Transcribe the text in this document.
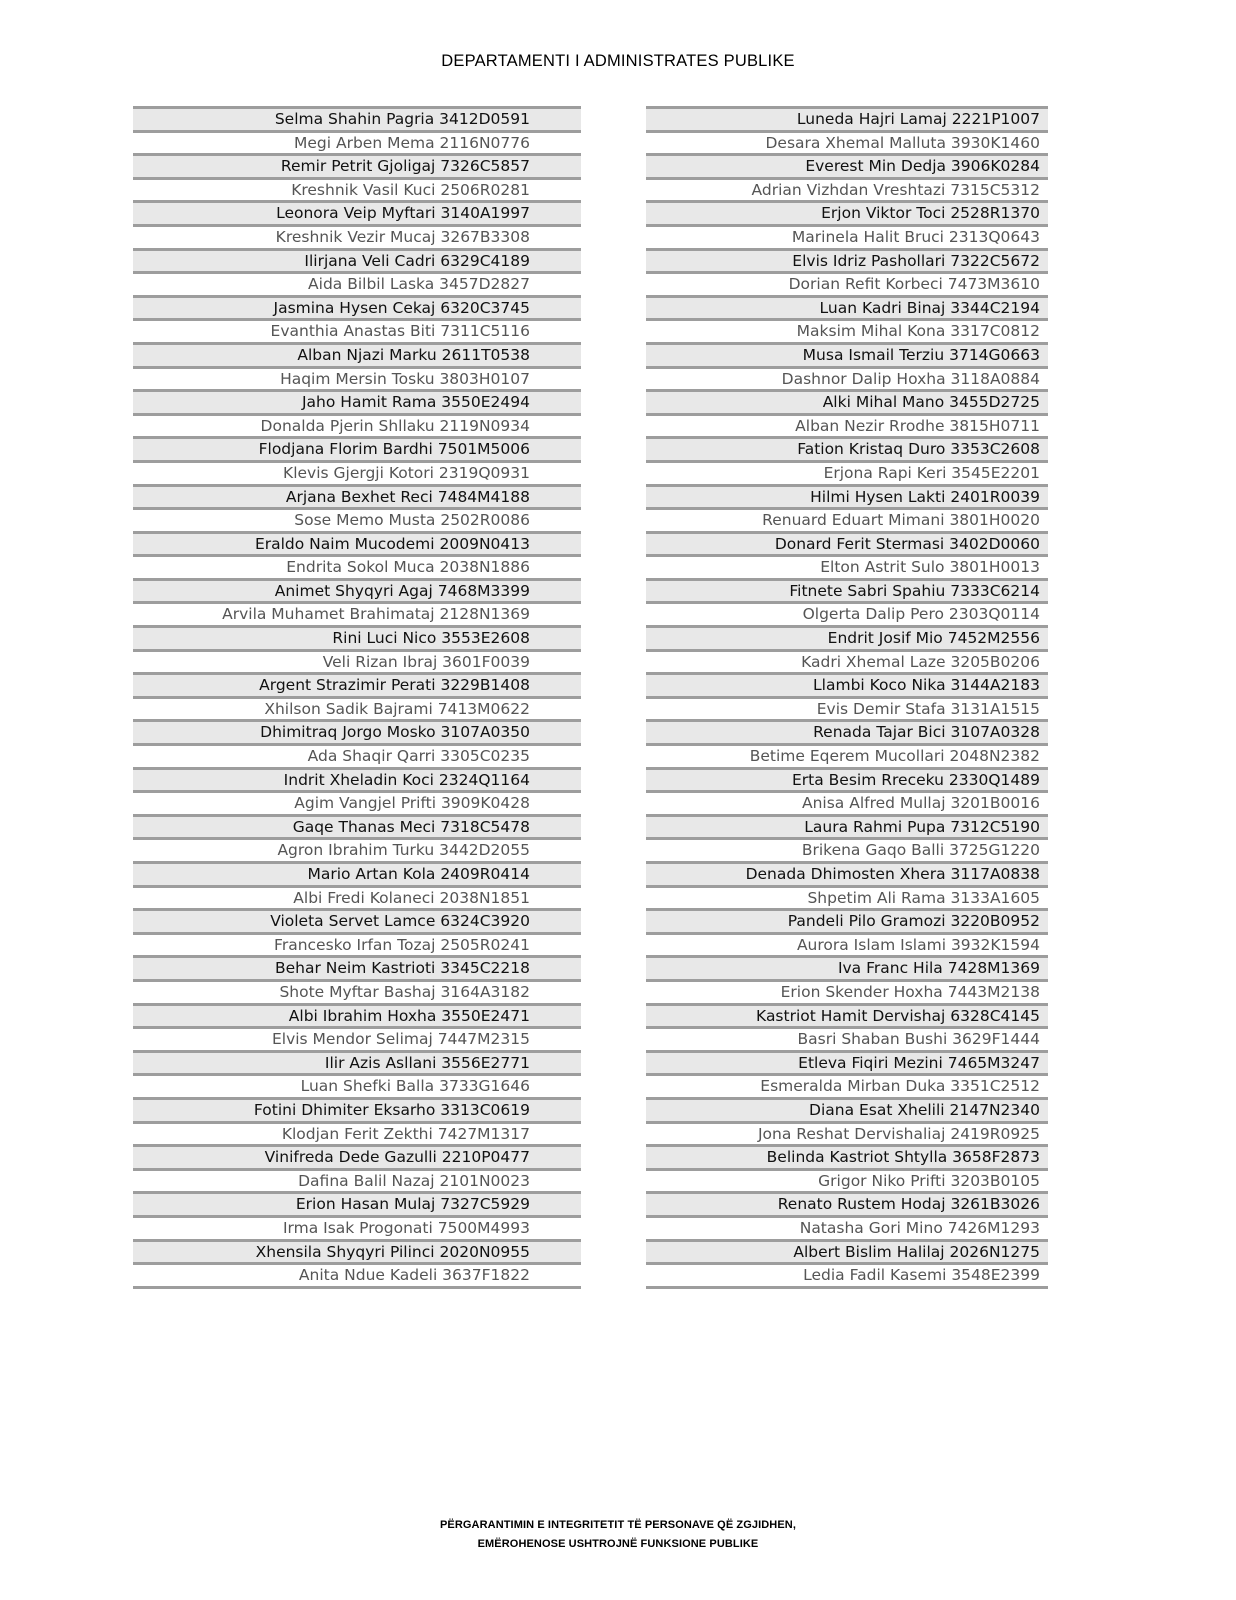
DEPARTAMENTI I ADMINISTRATES PUBLIKE
Selma Shahin Pagria 3412D0591
Megi Arben Mema 2116N0776
Remir Petrit Gjoligaj 7326C5857
Kreshnik Vasil Kuci 2506R0281
Leonora Veip Myftari 3140A1997
Kreshnik Vezir Mucaj 3267B3308
Ilirjana Veli Cadri 6329C4189
Aida Bilbil Laska 3457D2827
Jasmina Hysen Cekaj 6320C3745
Evanthia Anastas Biti 7311C5116
Alban Njazi Marku 2611T0538
Haqim Mersin Tosku 3803H0107
Jaho Hamit Rama 3550E2494
Donalda Pjerin Shllaku 2119N0934
Flodjana Florim Bardhi 7501M5006
Klevis Gjergji Kotori 2319Q0931
Arjana Bexhet Reci 7484M4188
Sose Memo Musta 2502R0086
Eraldo Naim Mucodemi 2009N0413
Endrita Sokol Muca 2038N1886
Animet Shyqyri Agaj 7468M3399
Arvila Muhamet Brahimataj 2128N1369
Rini Luci Nico 3553E2608
Veli Rizan Ibraj 3601F0039
Argent Strazimir Perati 3229B1408
Xhilson Sadik Bajrami 7413M0622
Dhimitraq Jorgo Mosko 3107A0350
Ada Shaqir Qarri 3305C0235
Indrit Xheladin Koci 2324Q1164
Agim Vangjel Prifti 3909K0428
Gaqe Thanas Meci 7318C5478
Agron Ibrahim Turku 3442D2055
Mario Artan Kola 2409R0414
Albi Fredi Kolaneci 2038N1851
Violeta Servet Lamce 6324C3920
Francesko Irfan Tozaj 2505R0241
Behar Neim Kastrioti 3345C2218
Shote Myftar Bashaj 3164A3182
Albi Ibrahim Hoxha 3550E2471
Elvis Mendor Selimaj 7447M2315
Ilir Azis Asllani 3556E2771
Luan Shefki Balla 3733G1646
Fotini Dhimiter Eksarho 3313C0619
Klodjan Ferit Zekthi 7427M1317
Vinifreda Dede Gazulli 2210P0477
Dafina Balil Nazaj 2101N0023
Erion Hasan Mulaj 7327C5929
Irma Isak Progonati 7500M4993
Xhensila Shyqyri Pilinci 2020N0955
Anita Ndue Kadeli 3637F1822
Luneda Hajri Lamaj 2221P1007
Desara Xhemal Malluta 3930K1460
Everest Min Dedja 3906K0284
Adrian Vizhdan Vreshtazi 7315C5312
Erjon Viktor Toci 2528R1370
Marinela Halit Bruci 2313Q0643
Elvis Idriz Pashollari 7322C5672
Dorian Refit Korbeci 7473M3610
Luan Kadri Binaj 3344C2194
Maksim Mihal Kona 3317C0812
Musa Ismail Terziu 3714G0663
Dashnor Dalip Hoxha 3118A0884
Alki Mihal Mano 3455D2725
Alban Nezir Rrodhe 3815H0711
Fation Kristaq Duro 3353C2608
Erjona Rapi Keri 3545E2201
Hilmi Hysen Lakti 2401R0039
Renuard Eduart Mimani 3801H0020
Donard Ferit Stermasi 3402D0060
Elton Astrit Sulo 3801H0013
Fitnete Sabri Spahiu 7333C6214
Olgerta Dalip Pero 2303Q0114
Endrit Josif Mio 7452M2556
Kadri Xhemal Laze 3205B0206
Llambi Koco Nika 3144A2183
Evis Demir Stafa 3131A1515
Renada Tajar Bici 3107A0328
Betime Eqerem Mucollari 2048N2382
Erta Besim Rreceku 2330Q1489
Anisa Alfred Mullaj 3201B0016
Laura Rahmi Pupa 7312C5190
Brikena Gaqo Balli 3725G1220
Denada Dhimosten Xhera 3117A0838
Shpetim Ali Rama 3133A1605
Pandeli Pilo Gramozi 3220B0952
Aurora Islam Islami 3932K1594
Iva Franc Hila 7428M1369
Erion Skender Hoxha 7443M2138
Kastriot Hamit Dervishaj 6328C4145
Basri Shaban Bushi 3629F1444
Etleva Fiqiri Mezini 7465M3247
Esmeralda Mirban Duka 3351C2512
Diana Esat Xhelili 2147N2340
Jona Reshat Dervishaliaj 2419R0925
Belinda Kastriot Shtylla 3658F2873
Grigor Niko Prifti 3203B0105
Renato Rustem Hodaj 3261B3026
Natasha Gori Mino 7426M1293
Albert Bislim Halilaj 2026N1275
Ledia Fadil Kasemi 3548E2399
PËRGARANTIMIN E INTEGRITETIT TË PERSONAVE QË ZGJIDHEN,
EMËROHENOSE USHTROJNË FUNKSIONE PUBLIKE
